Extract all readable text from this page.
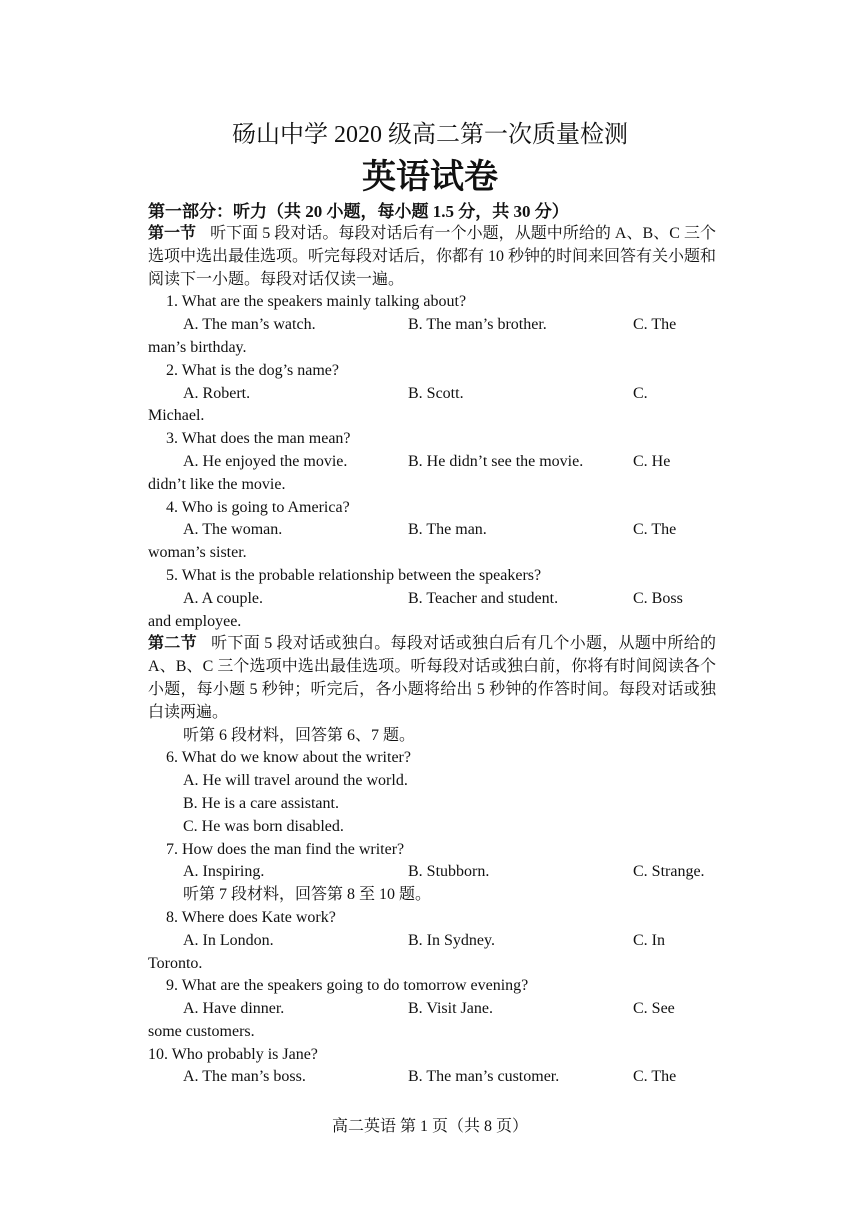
砀山中学 2020 级高二第一次质量检测
英语试卷
第一部分：听力（共 20 小题，每小题 1.5 分，共 30 分）

第一节 听下面 5 段对话。每段对话后有一个小题，从题中所给的 A、B、C 三个选项中选出最佳选项。听完每段对话后，你都有 10 秒钟的时间来回答有关小题和阅读下一小题。每段对话仅读一遍。

1. What are the speakers mainly talking about?

A. The man’s watch.	B. The man’s brother.	C. The

man’s birthday.

2. What is the dog’s name?

A. Robert.	B. Scott.	C.

Michael.

3. What does the man mean?

A. He enjoyed the movie.	B. He didn’t see the movie.	C. He

didn’t like the movie.

4. Who is going to America?

A. The woman.	B. The man.	C. The

woman’s sister.

5. What is the probable relationship between the speakers?

A. A couple.	B. Teacher and student.	C. Boss

and employee.

第二节 听下面 5 段对话或独白。每段对话或独白后有几个小题，从题中所给的 A、B、C 三个选项中选出最佳选项。听每段对话或独白前，你将有时间阅读各个小题，每小题 5 秒钟；听完后，各小题将给出 5 秒钟的作答时间。每段对话或独白读两遍。

听第 6 段材料，回答第 6、7 题。

6. What do we know about the writer?

A. He will travel around the world.

B. He is a care assistant.

C. He was born disabled.

7. How does the man find the writer?

A. Inspiring.	B. Stubborn.	C. Strange.

听第 7 段材料，回答第 8 至 10 题。

8. Where does Kate work?

A. In London.	B. In Sydney.	C. In

Toronto.

9. What are the speakers going to do tomorrow evening?

A. Have dinner.	B. Visit Jane.	C. See

some customers.

10. Who probably is Jane?

A. The man’s boss.	B. The man’s customer.	C. The
高二英语 第 1 页（共 8 页）
